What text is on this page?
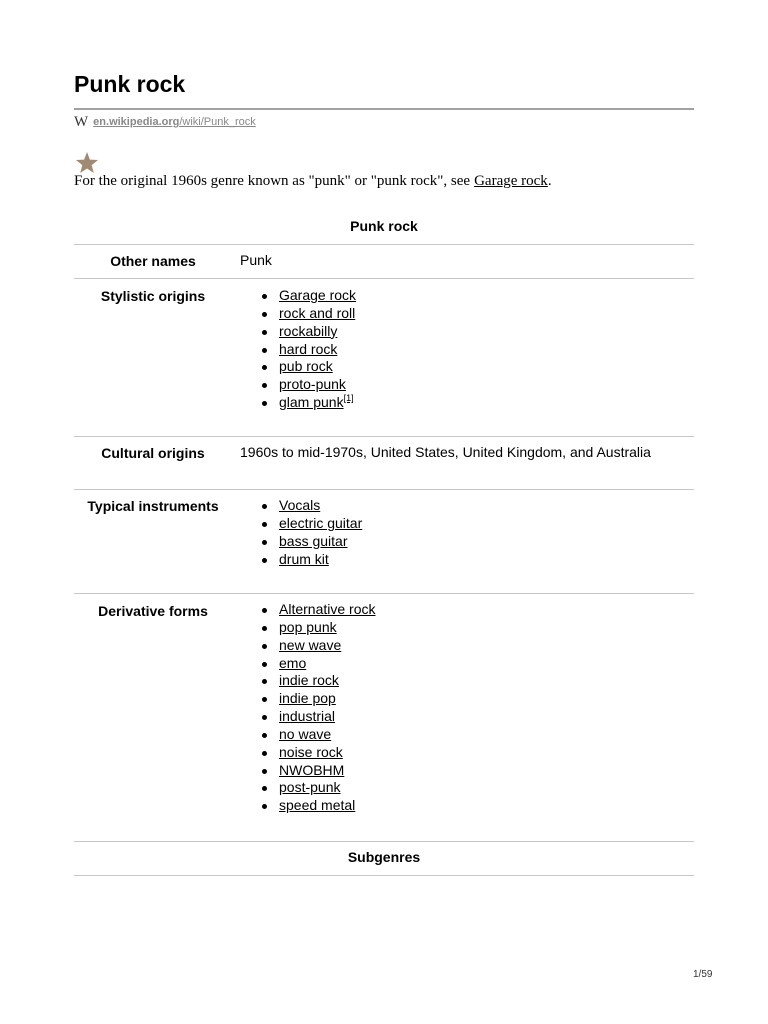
Punk rock
W en.wikipedia.org/wiki/Punk_rock
For the original 1960s genre known as "punk" or "punk rock", see Garage rock.
Punk rock
Other names	Punk
Stylistic origins	Garage rock
rock and roll
rockabilly
hard rock
pub rock
proto-punk
glam punk[1]
Cultural origins	1960s to mid-1970s, United States, United Kingdom, and Australia
Typical instruments	Vocals
electric guitar
bass guitar
drum kit
Derivative forms	Alternative rock
pop punk
new wave
emo
indie rock
indie pop
industrial
no wave
noise rock
NWOBHM
post-punk
speed metal
Subgenres
1/59
